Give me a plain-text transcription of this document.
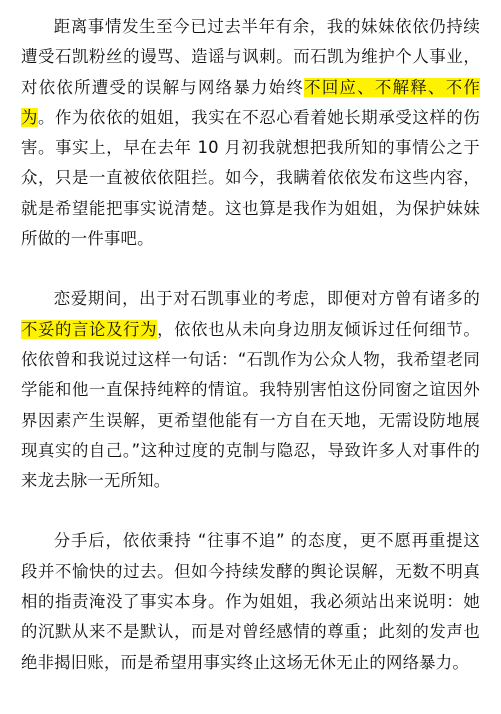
距离事情发生至今已过去半年有余，我的妹妹依依仍持续遭受石凯粉丝的谩骂、造谣与讽刺。而石凯为维护个人事业，对依依所遭受的误解与网络暴力始终不回应、不解释、不作为。作为依依的姐姐，我实在不忍心看着她长期承受这样的伤害。事实上，早在去年 10 月初我就想把我所知的事情公之于众，只是一直被依依阻拦。如今，我瞒着依依发布这些内容，就是希望能把事实说清楚。这也算是我作为姐姐，为保护妹妹所做的一件事吧。

恋爱期间，出于对石凯事业的考虑，即便对方曾有诸多的不妥的言论及行为，依依也从未向身边朋友倾诉过任何细节。依依曾和我说过这样一句话：“石凯作为公众人物，我希望老同学能和他一直保持纯粹的情谊。我特别害怕这份同窗之谊因外界因素产生误解，更希望他能有一方自在天地，无需设防地展现真实的自己。”这种过度的克制与隐忍，导致许多人对事件的来龙去脉一无所知。

分手后，依依秉持 “往事不追” 的态度，更不愿再重提这段并不愉快的过去。但如今持续发酵的舆论误解，无数不明真相的指责淹没了事实本身。作为姐姐，我必须站出来说明：她的沉默从来不是默认，而是对曾经感情的尊重；此刻的发声也绝非揭旧账，而是希望用事实终止这场无休无止的网络暴力。
